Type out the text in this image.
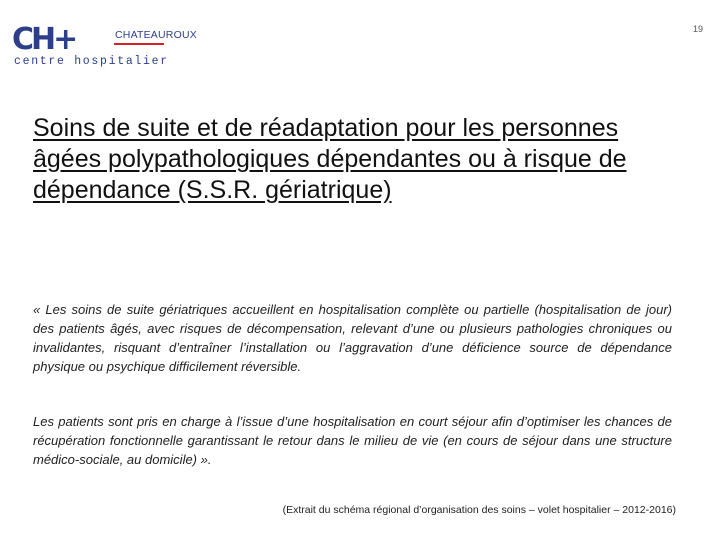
CH+	CHATEAUROUX
centre hospitalier
19
Soins de suite et de réadaptation pour les personnes âgées polypathologiques dépendantes ou à risque de dépendance (S.S.R. gériatrique)

« Les soins de suite gériatriques accueillent en hospitalisation complète ou partielle (hospitalisation de jour) des patients âgés, avec risques de décompensation, relevant d’une ou plusieurs pathologies chroniques ou invalidantes, risquant d’entraîner l’installation ou l’aggravation d’une déficience source de dépendance physique ou psychique difficilement réversible.

Les patients sont pris en charge à l’issue d’une hospitalisation en court séjour afin d’optimiser les chances de récupération fonctionnelle garantissant le retour dans le milieu de vie (en cours de séjour dans une structure médico-sociale, au domicile) ».

(Extrait du schéma régional d’organisation des soins – volet hospitalier – 2012-2016)
